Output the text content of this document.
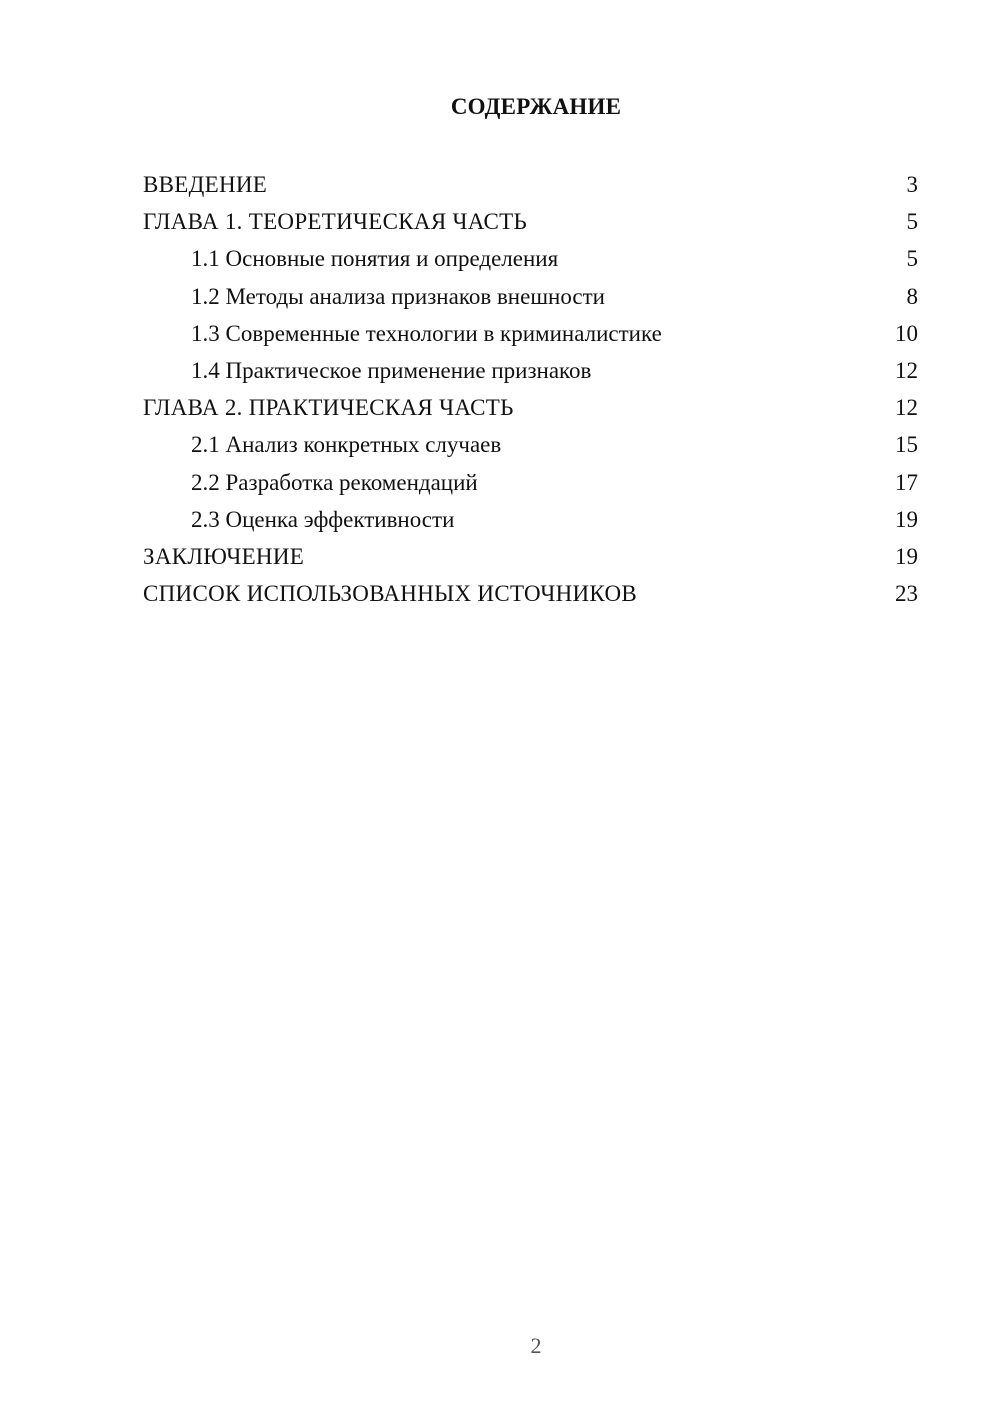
СОДЕРЖАНИЕ
ВВЕДЕНИЕ	3
ГЛАВА 1. ТЕОРЕТИЧЕСКАЯ ЧАСТЬ	5
1.1 Основные понятия и определения	5
1.2 Методы анализа признаков внешности	8
1.3 Современные технологии в криминалистике	10
1.4 Практическое применение признаков	12
ГЛАВА 2. ПРАКТИЧЕСКАЯ ЧАСТЬ	12
2.1 Анализ конкретных случаев	15
2.2 Разработка рекомендаций	17
2.3 Оценка эффективности	19
ЗАКЛЮЧЕНИЕ	19
СПИСОК ИСПОЛЬЗОВАННЫХ ИСТОЧНИКОВ	23
2
